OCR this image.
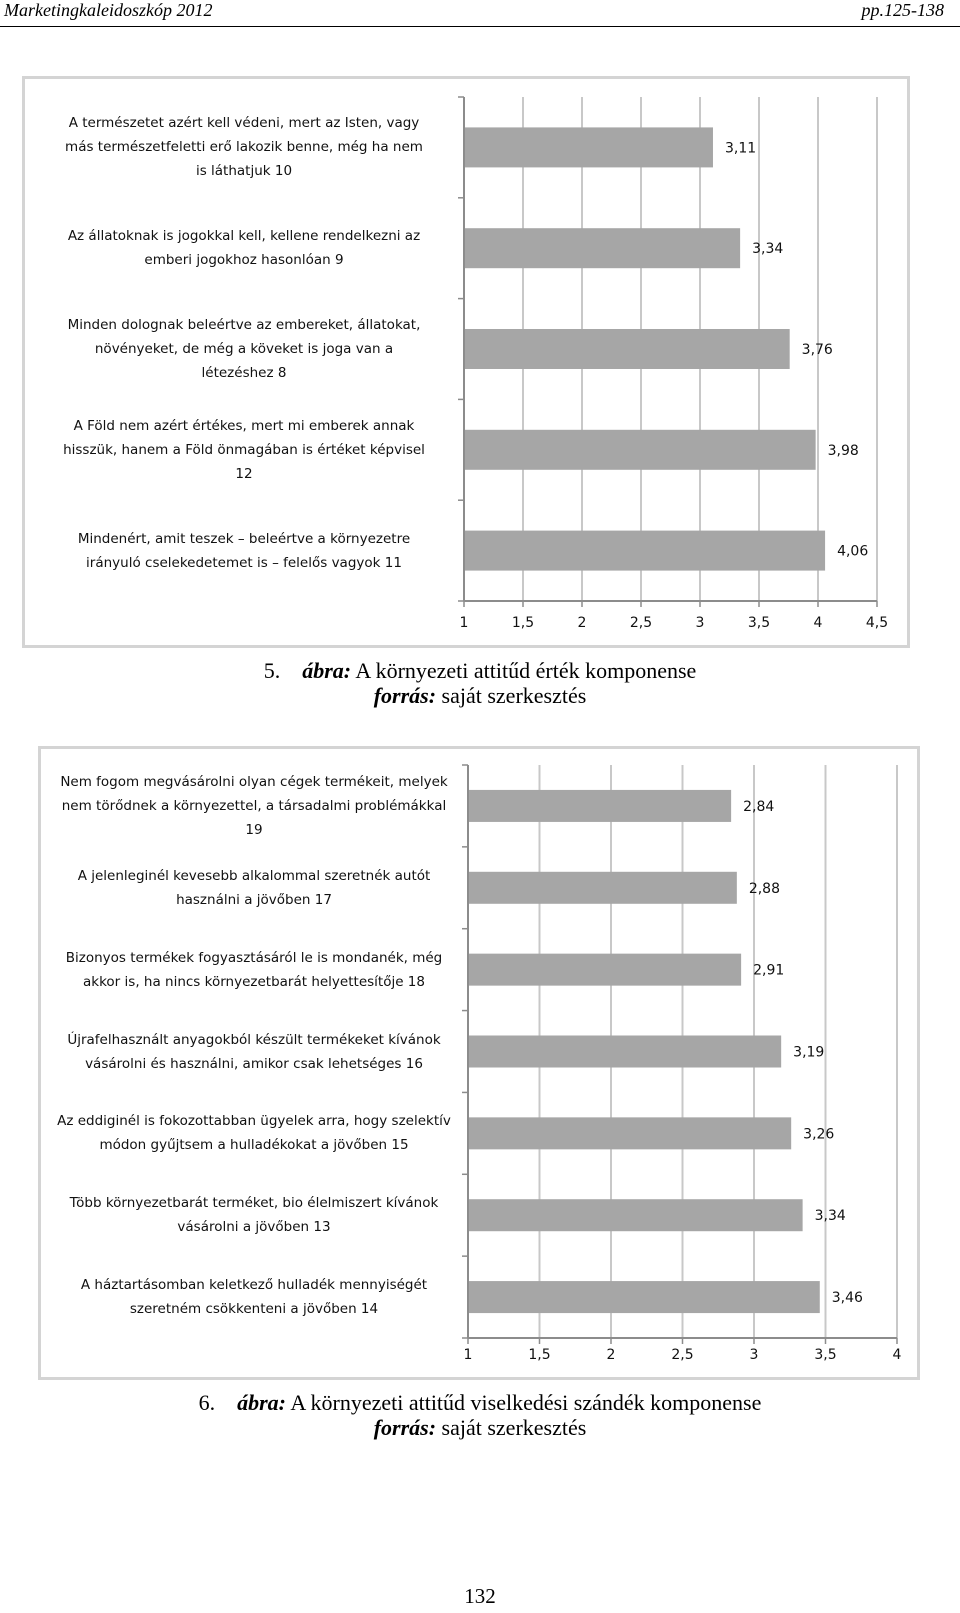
Marketingkaleidoszkóp 2012	pp.125-138
1	1,5	2	2,5	3	3,5	4	4,5
3,11
3,34
3,76
3,98
4,06
A természetet azért kell védeni, mert az Isten, vagy
más természetfeletti erő lakozik benne, még ha nem
is láthatjuk 10
Az állatoknak is jogokkal kell, kellene rendelkezni az
emberi jogokhoz hasonlóan 9
Minden dolognak beleértve az embereket, állatokat,
növényeket, de még a köveket is joga van a
létezéshez 8
A Föld nem azért értékes, mert mi emberek annak
hisszük, hanem a Föld önmagában is értéket képvisel
12
Mindenért, amit teszek – beleértve a környezetre
irányuló cselekedetemet is – felelős vagyok 11
5. ábra: A környezeti attitűd érték komponense
forrás: saját szerkesztés
1	1,5	2	2,5	3	3,5	4
2,84
2,88
2,91
3,19
3,26
3,34
3,46
Nem fogom megvásárolni olyan cégek termékeit, melyek
nem törődnek a környezettel, a társadalmi problémákkal
19
A jelenleginél kevesebb alkalommal szeretnék autót
használni a jövőben 17
Bizonyos termékek fogyasztásáról le is mondanék, még
akkor is, ha nincs környezetbarát helyettesítője 18
Újrafelhasznált anyagokból készült termékeket kívánok
vásárolni és használni, amikor csak lehetséges 16
Az eddiginél is fokozottabban ügyelek arra, hogy szelektív
módon gyűjtsem a hulladékokat a jövőben 15
Több környezetbarát terméket, bio élelmiszert kívánok
vásárolni a jövőben 13
A háztartásomban keletkező hulladék mennyiségét
szeretném csökkenteni a jövőben 14
6. ábra: A környezeti attitűd viselkedési szándék komponense
forrás: saját szerkesztés
132
